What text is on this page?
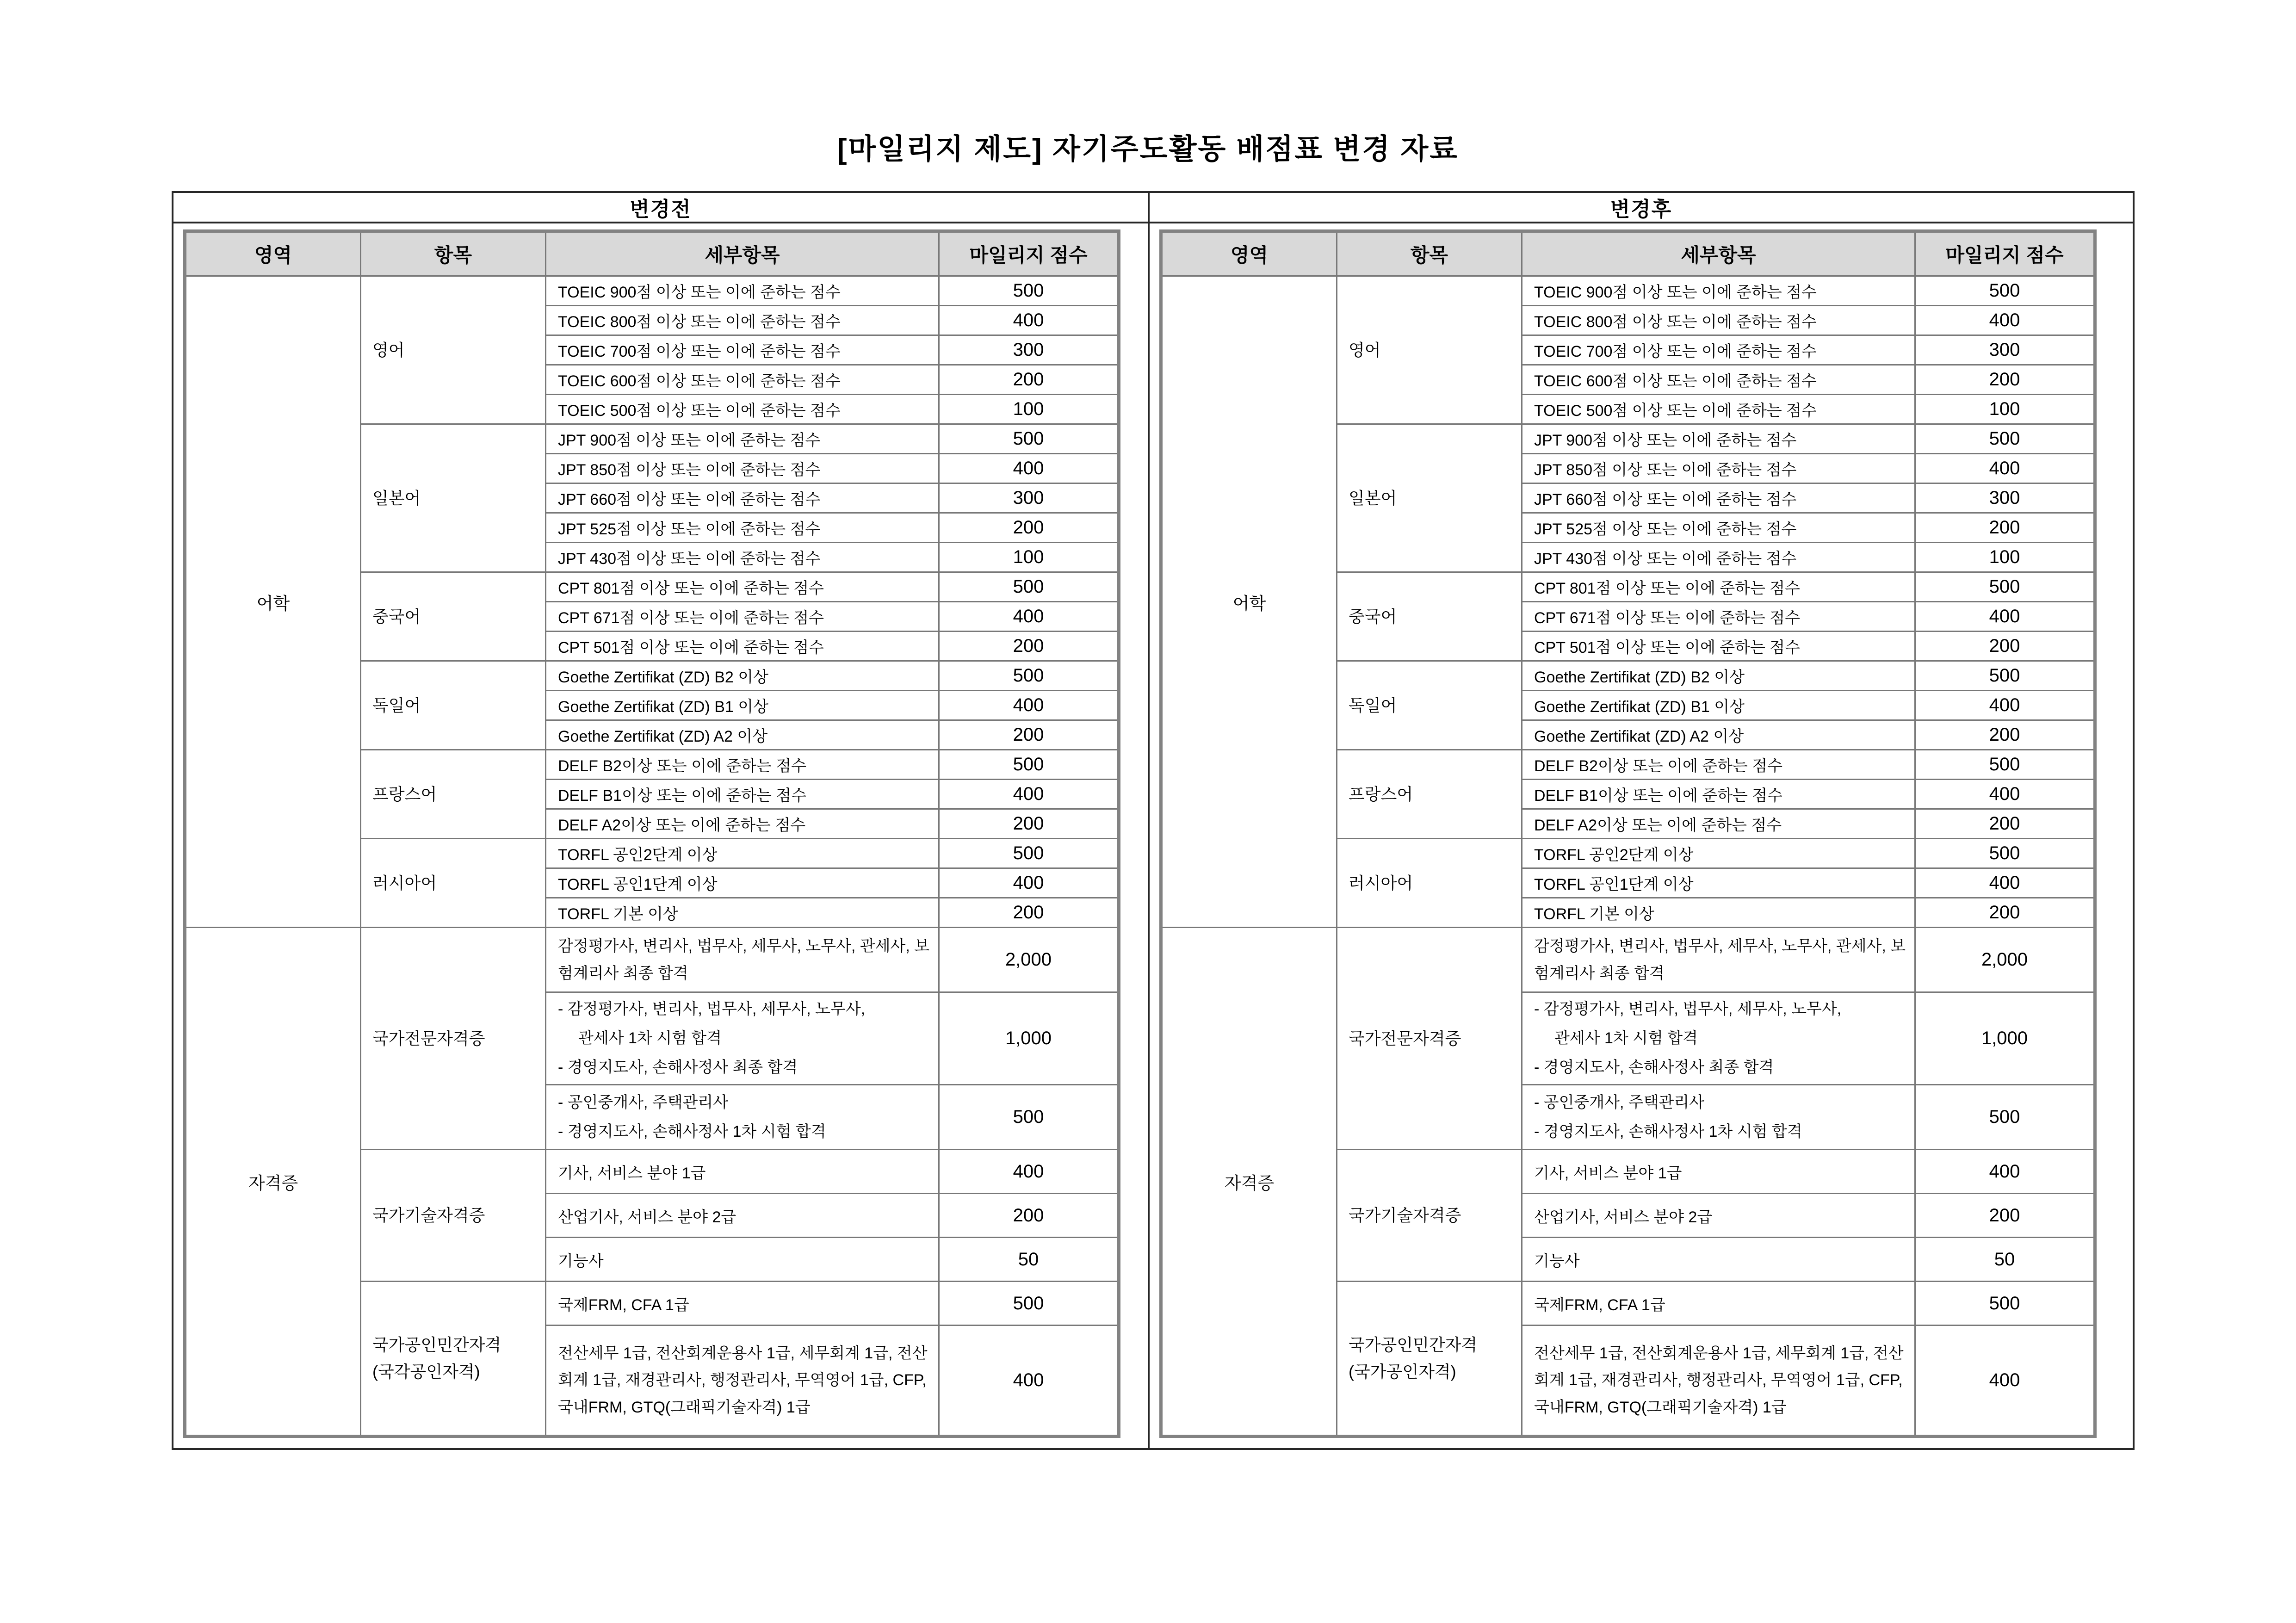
[마일리지 제도] 자기주도활동 배점표 변경 자료
변경전
영역	항목	세부항목	마일리지 점수
어학	영어	TOEIC 900점 이상 또는 이에 준하는 점수	500
		TOEIC 800점 이상 또는 이에 준하는 점수	400
		TOEIC 700점 이상 또는 이에 준하는 점수	300
		TOEIC 600점 이상 또는 이에 준하는 점수	200
		TOEIC 500점 이상 또는 이에 준하는 점수	100

	일본어	JPT 900점 이상 또는 이에 준하는 점수	500
		JPT 850점 이상 또는 이에 준하는 점수	400
		JPT 660점 이상 또는 이에 준하는 점수	300
		JPT 525점 이상 또는 이에 준하는 점수	200
		JPT 430점 이상 또는 이에 준하는 점수	100

	중국어	CPT 801점 이상 또는 이에 준하는 점수	500
		CPT 671점 이상 또는 이에 준하는 점수	400
		CPT 501점 이상 또는 이에 준하는 점수	200

	독일어	Goethe Zertifikat (ZD) B2 이상	500
		Goethe Zertifikat (ZD) B1 이상	400
		Goethe Zertifikat (ZD) A2 이상	200

	프랑스어	DELF B2이상 또는 이에 준하는 점수	500
		DELF B1이상 또는 이에 준하는 점수	400
		DELF A2이상 또는 이에 준하는 점수	200

	러시아어	TORFL 공인2단계 이상	500
		TORFL 공인1단계 이상	400
		TORFL 기본 이상	200
자격증	국가전문자격증	감정평가사, 변리사, 법무사, 세무사, 노무사, 관세사, 보험계리사 최종 합격	2,000

		- 감정평가사, 변리사, 법무사, 세무사, 노무사,
관세사 1차 시험 합격
- 경영지도사, 손해사정사 최종 합격	1,000

		- 공인중개사, 주택관리사
- 경영지도사, 손해사정사 1차 시험 합격	500

	국가기술자격증	기사, 서비스 분야 1급	400
		산업기사, 서비스 분야 2급	200
		기능사	50

	국가공인민간자격
(국각공인자격)	국제FRM, CFA 1급	500
		전산세무 1급, 전산회계운용사 1급, 세무회계 1급, 전산회계 1급, 재경관리사, 행정관리사, 무역영어 1급, CFP, 국내FRM, GTQ(그래픽기술자격) 1급	400
변경후
영역	항목	세부항목	마일리지 점수
어학	영어	TOEIC 900점 이상 또는 이에 준하는 점수	500
		TOEIC 800점 이상 또는 이에 준하는 점수	400
		TOEIC 700점 이상 또는 이에 준하는 점수	300
		TOEIC 600점 이상 또는 이에 준하는 점수	200
		TOEIC 500점 이상 또는 이에 준하는 점수	100

	일본어	JPT 900점 이상 또는 이에 준하는 점수	500
		JPT 850점 이상 또는 이에 준하는 점수	400
		JPT 660점 이상 또는 이에 준하는 점수	300
		JPT 525점 이상 또는 이에 준하는 점수	200
		JPT 430점 이상 또는 이에 준하는 점수	100

	중국어	CPT 801점 이상 또는 이에 준하는 점수	500
		CPT 671점 이상 또는 이에 준하는 점수	400
		CPT 501점 이상 또는 이에 준하는 점수	200

	독일어	Goethe Zertifikat (ZD) B2 이상	500
		Goethe Zertifikat (ZD) B1 이상	400
		Goethe Zertifikat (ZD) A2 이상	200

	프랑스어	DELF B2이상 또는 이에 준하는 점수	500
		DELF B1이상 또는 이에 준하는 점수	400
		DELF A2이상 또는 이에 준하는 점수	200

	러시아어	TORFL 공인2단계 이상	500
		TORFL 공인1단계 이상	400
		TORFL 기본 이상	200
자격증	국가전문자격증	감정평가사, 변리사, 법무사, 세무사, 노무사, 관세사, 보험계리사 최종 합격	2,000

		- 감정평가사, 변리사, 법무사, 세무사, 노무사,
관세사 1차 시험 합격
- 경영지도사, 손해사정사 최종 합격	1,000

		- 공인중개사, 주택관리사
- 경영지도사, 손해사정사 1차 시험 합격	500

	국가기술자격증	기사, 서비스 분야 1급	400
		산업기사, 서비스 분야 2급	200
		기능사	50

	국가공인민간자격
(국가공인자격)	국제FRM, CFA 1급	500
		전산세무 1급, 전산회계운용사 1급, 세무회계 1급, 전산회계 1급, 재경관리사, 행정관리사, 무역영어 1급, CFP, 국내FRM, GTQ(그래픽기술자격) 1급	400
